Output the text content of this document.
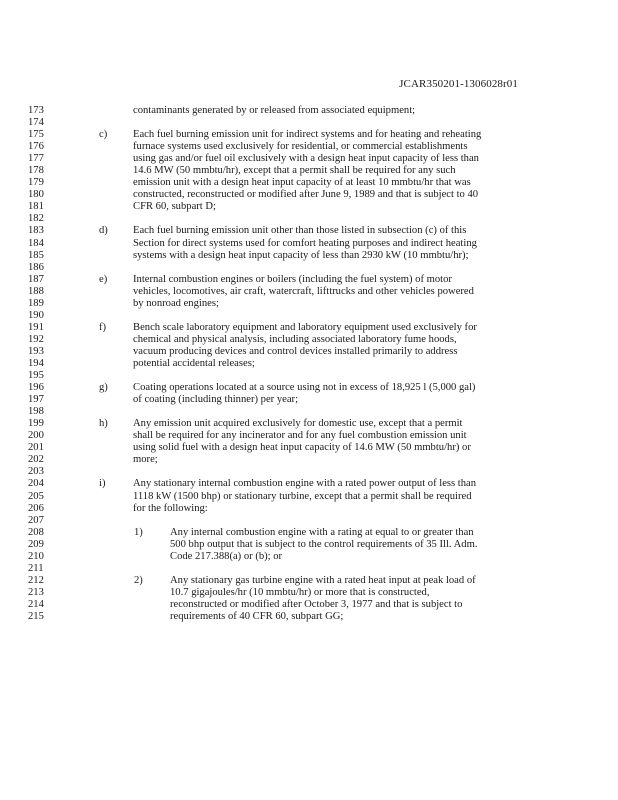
JCAR350201-1306028r01
173	contaminants generated by or released from associated equipment;
174
175	c) Each fuel burning emission unit for indirect systems and for heating and reheating
176	furnace systems used exclusively for residential, or commercial establishments
177	using gas and/or fuel oil exclusively with a design heat input capacity of less than
178	14.6 MW (50 mmbtu/hr), except that a permit shall be required for any such
179	emission unit with a design heat input capacity of at least 10 mmbtu/hr that was
180	constructed, reconstructed or modified after June 9, 1989 and that is subject to 40
181	CFR 60, subpart D;
182
183	d) Each fuel burning emission unit other than those listed in subsection (c) of this
184	Section for direct systems used for comfort heating purposes and indirect heating
185	systems with a design heat input capacity of less than 2930 kW (10 mmbtu/hr);
186
187	e) Internal combustion engines or boilers (including the fuel system) of motor
188	vehicles, locomotives, air craft, watercraft, lifttrucks and other vehicles powered
189	by nonroad engines;
190
191	f)	Bench scale laboratory equipment and laboratory equipment used exclusively for
192	chemical and physical analysis, including associated laboratory fume hoods,
193	vacuum producing devices and control devices installed primarily to address
194	potential accidental releases;
195
196	g) Coating operations located at a source using not in excess of 18,925 l (5,000 gal)
197	of coating (including thinner) per year;
198
199	h) Any emission unit acquired exclusively for domestic use, except that a permit
200	shall be required for any incinerator and for any fuel combustion emission unit
201	using solid fuel with a design heat input capacity of 14.6 MW (50 mmbtu/hr) or
202	more;
203
204	i)	Any stationary internal combustion engine with a rated power output of less than
205	1118 kW (1500 bhp) or stationary turbine, except that a permit shall be required
206	for the following:
207
208	1)	Any internal combustion engine with a rating at equal to or greater than
209	500 bhp output that is subject to the control requirements of 35 Ill. Adm.
210	Code 217.388(a) or (b); or
211
212	2)	Any stationary gas turbine engine with a rated heat input at peak load of
213	10.7 gigajoules/hr (10 mmbtu/hr) or more that is constructed,
214	reconstructed or modified after October 3, 1977 and that is subject to
215	requirements of 40 CFR 60, subpart GG;
